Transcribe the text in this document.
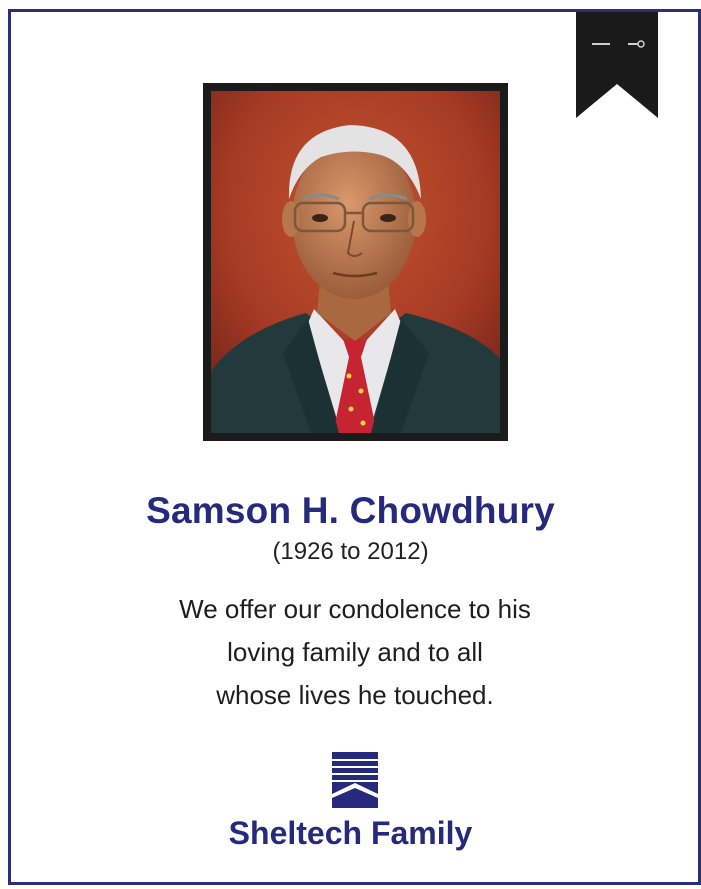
Samson H. Chowdhury
(1926 to 2012)
We offer our condolence to his
loving family and to all
whose lives he touched.
Sheltech Family
